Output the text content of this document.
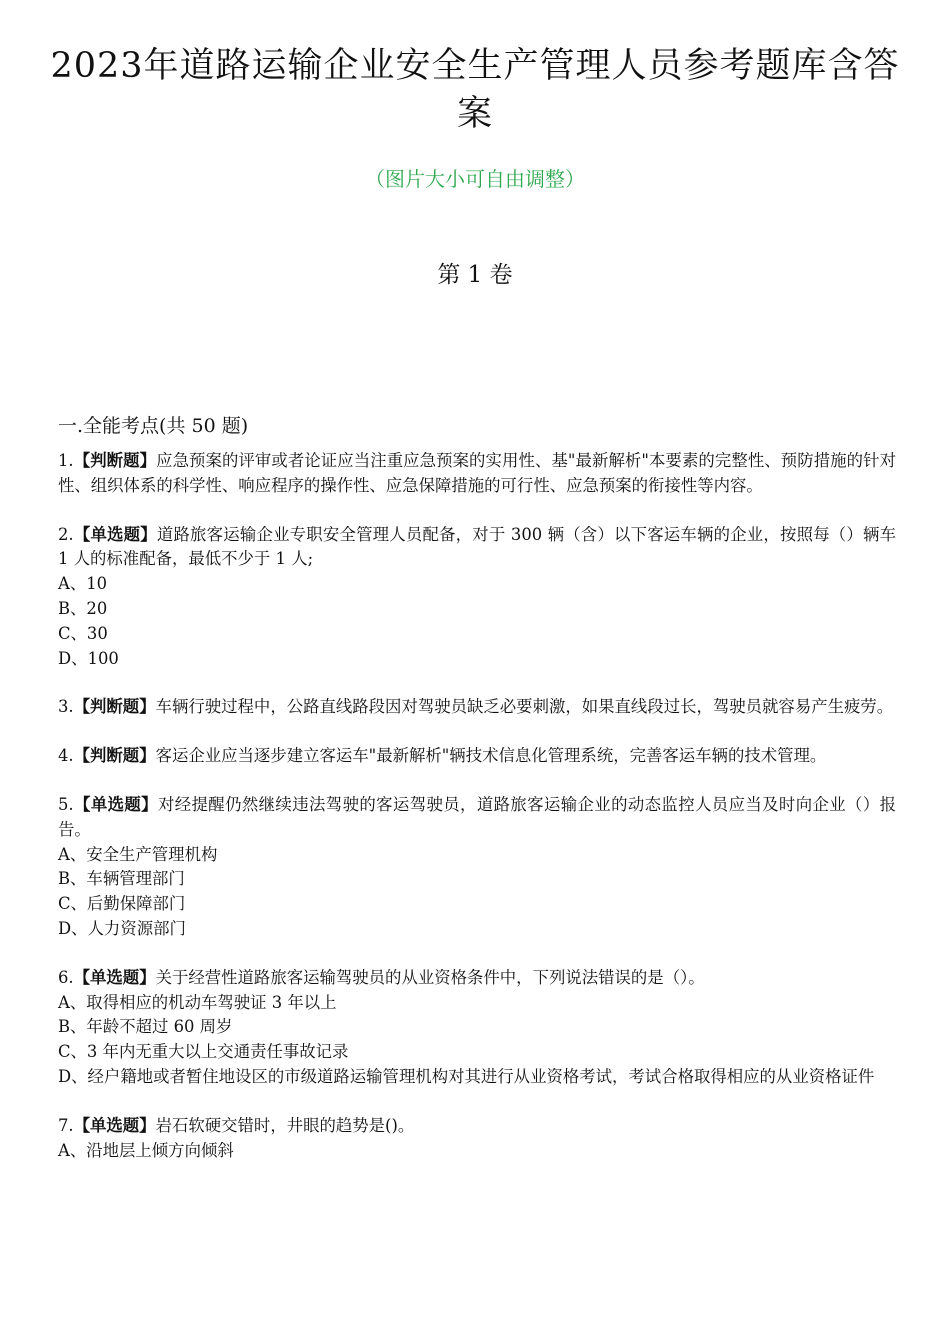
2023年道路运输企业安全生产管理人员参考题库含答案

（图片大小可自由调整）

第 1 卷

一.全能考点(共 50 题)

1.【判断题】应急预案的评审或者论证应当注重应急预案的实用性、基"最新解析"本要素的完整性、预防措施的针对性、组织体系的科学性、响应程序的操作性、应急保障措施的可行性、应急预案的衔接性等内容。

2.【单选题】道路旅客运输企业专职安全管理人员配备，对于 300 辆（含）以下客运车辆的企业，按照每（）辆车 1 人的标准配备，最低不少于 1 人;

A、10

B、20

C、30

D、100

3.【判断题】车辆行驶过程中，公路直线路段因对驾驶员缺乏必要刺激，如果直线段过长，驾驶员就容易产生疲劳。

4.【判断题】客运企业应当逐步建立客运车"最新解析"辆技术信息化管理系统，完善客运车辆的技术管理。

5.【单选题】对经提醒仍然继续违法驾驶的客运驾驶员，道路旅客运输企业的动态监控人员应当及时向企业（）报告。

A、安全生产管理机构

B、车辆管理部门

C、后勤保障部门

D、人力资源部门

6.【单选题】关于经营性道路旅客运输驾驶员的从业资格条件中，下列说法错误的是（）。

A、取得相应的机动车驾驶证 3 年以上

B、年龄不超过 60 周岁

C、3 年内无重大以上交通责任事故记录

D、经户籍地或者暂住地设区的市级道路运输管理机构对其进行从业资格考试，考试合格取得相应的从业资格证件

7.【单选题】岩石软硬交错时，井眼的趋势是()。

A、沿地层上倾方向倾斜
